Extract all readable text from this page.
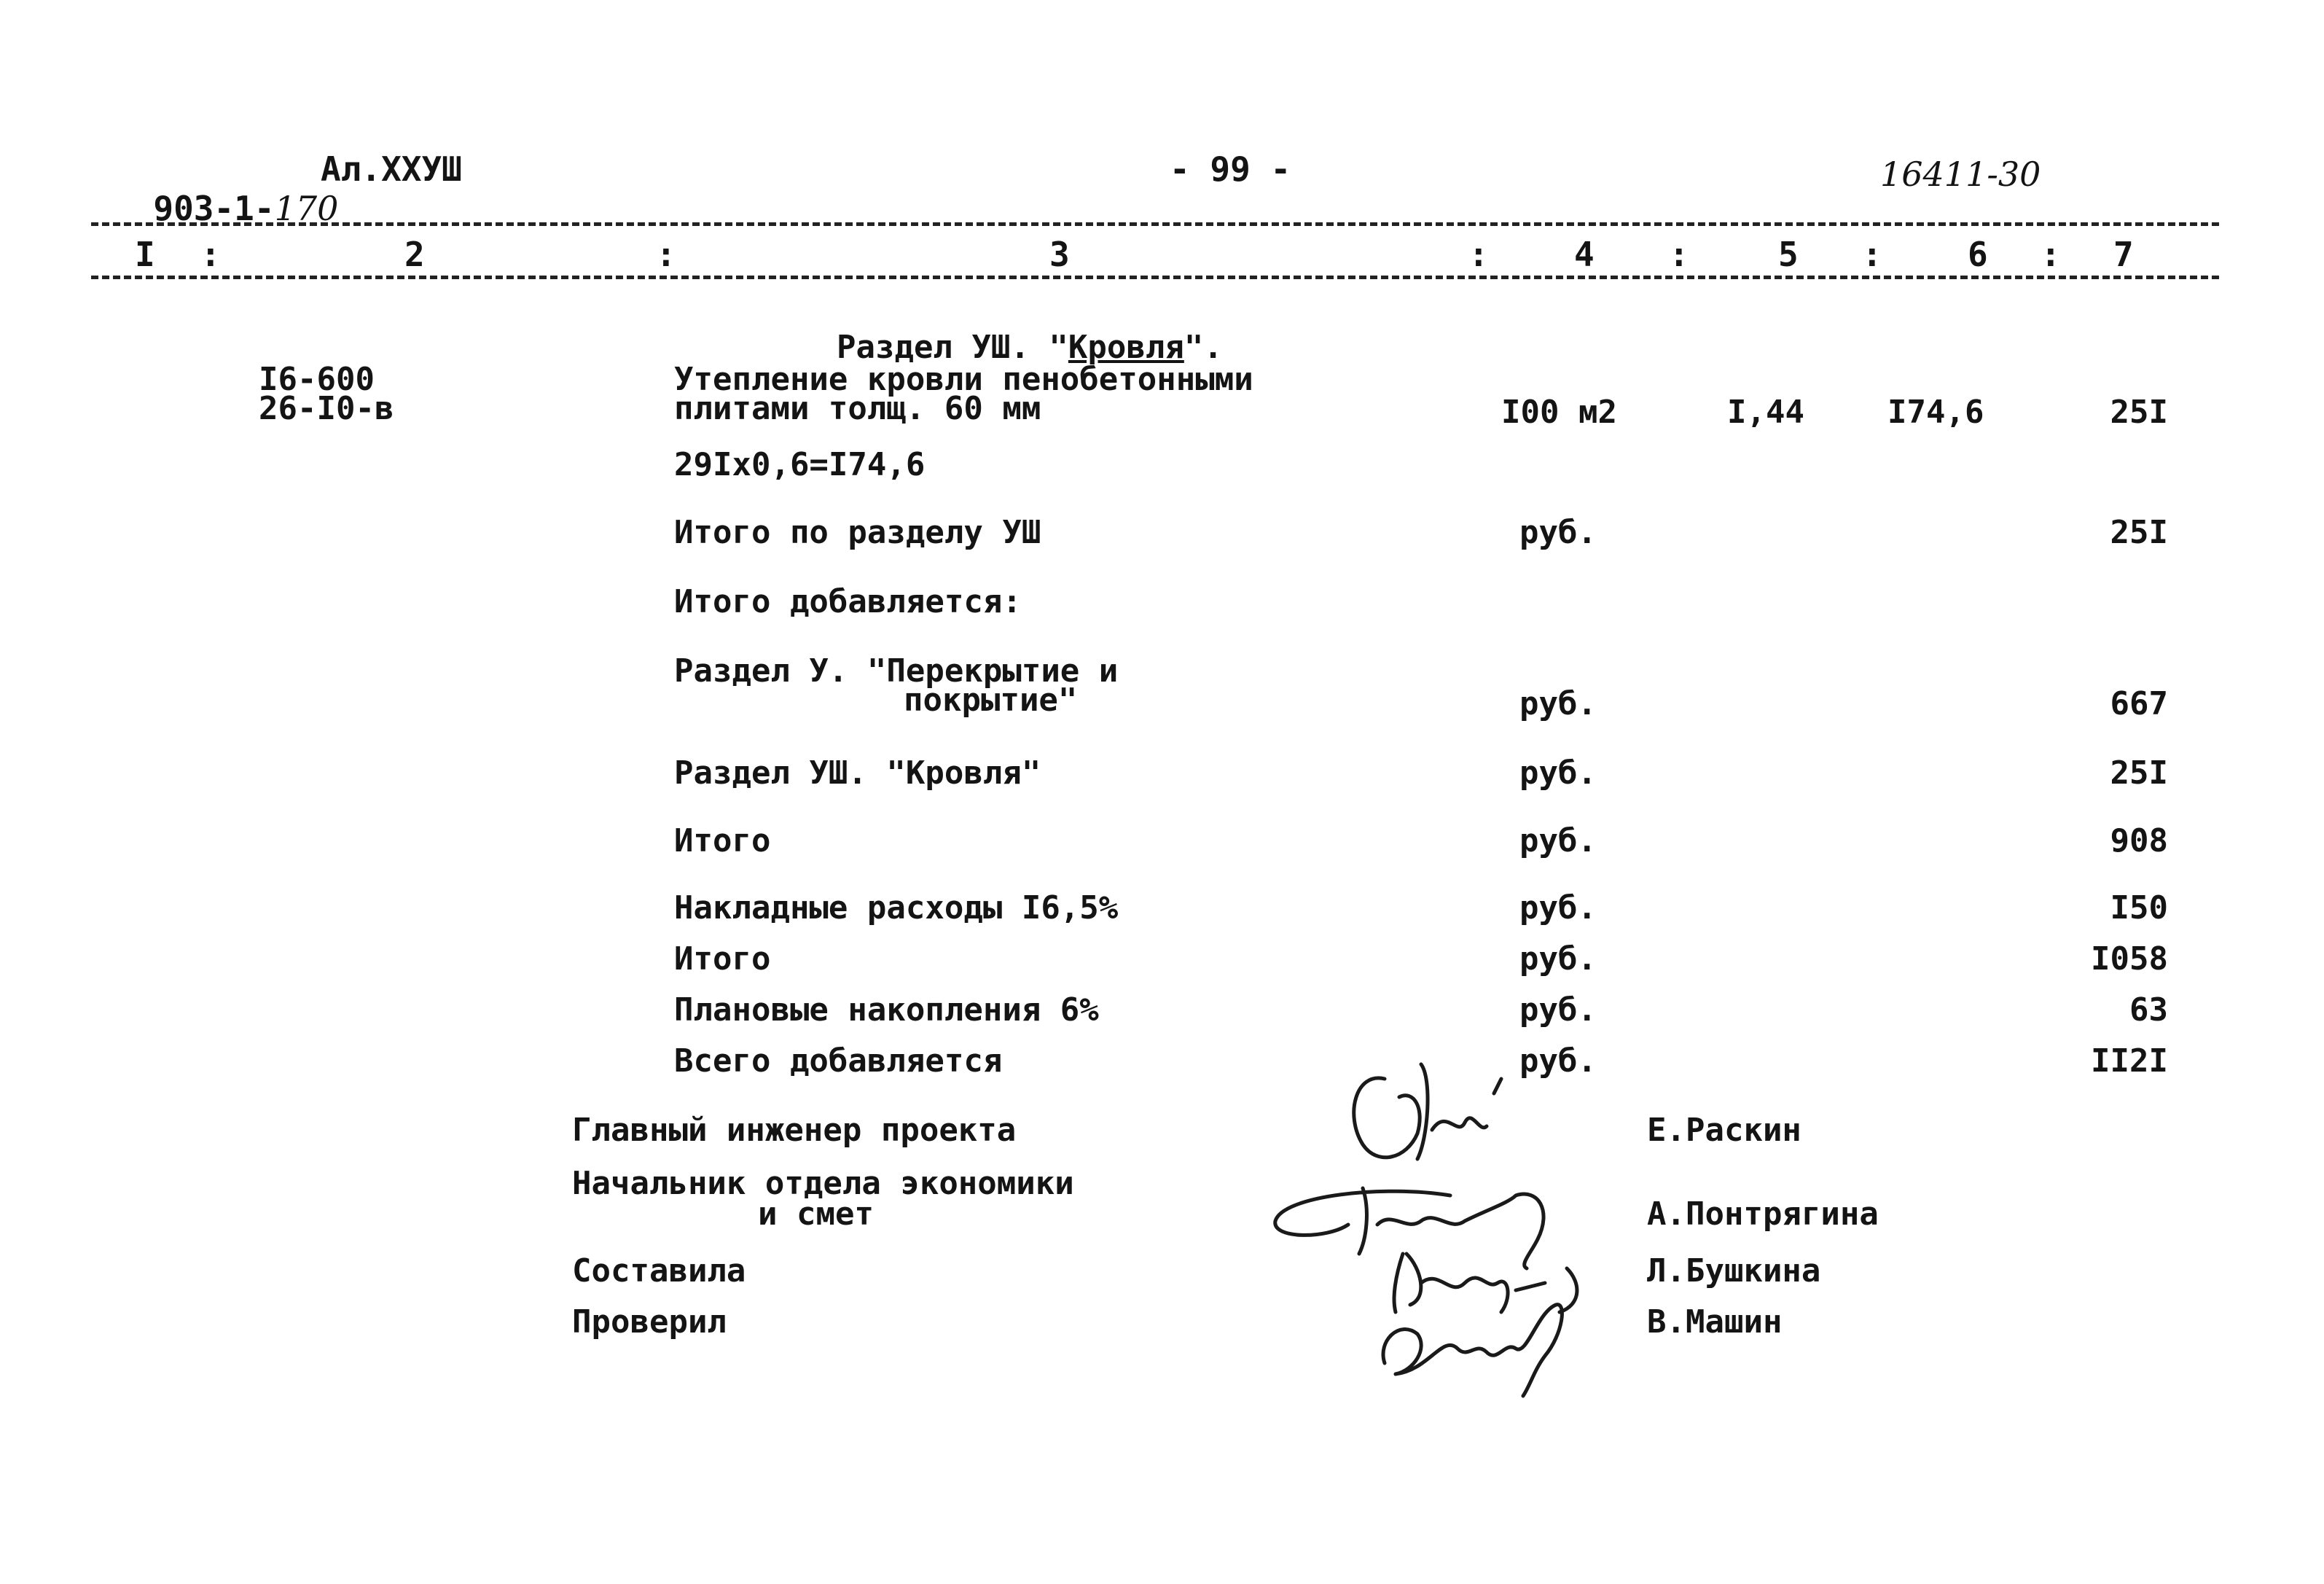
903-1-170

Ал.ХХУШ	- 99 -	16411-30
I :	2	:	3	:	4 :	5 :	6 : 7

Раздел УШ. "Кровля".

I6-600
26-I0-в
Утепление кровли пенобетонными
плитами толщ. 60 мм
29Iх0,6=I74,6
I00 м2	I,44	I74,6	25I
Итого по разделу УШ	руб.	25I
Итого добавляется:
Раздел У. "Перекрытие и
покрытие"	руб.	667
Раздел УШ. "Кровля"	руб.	25I
Итого	руб.	908
Накладные расходы I6,5%	руб.	I50
Итого	руб.	I058
Плановые накопления 6%	руб.	63
Всего добавляется	руб.	II2I
Главный инженер проекта	Е.Раскин
Начальник отдела экономики
и смет	А.Понтрягина
Составила	Л.Бушкина
Проверил	В.Машин
